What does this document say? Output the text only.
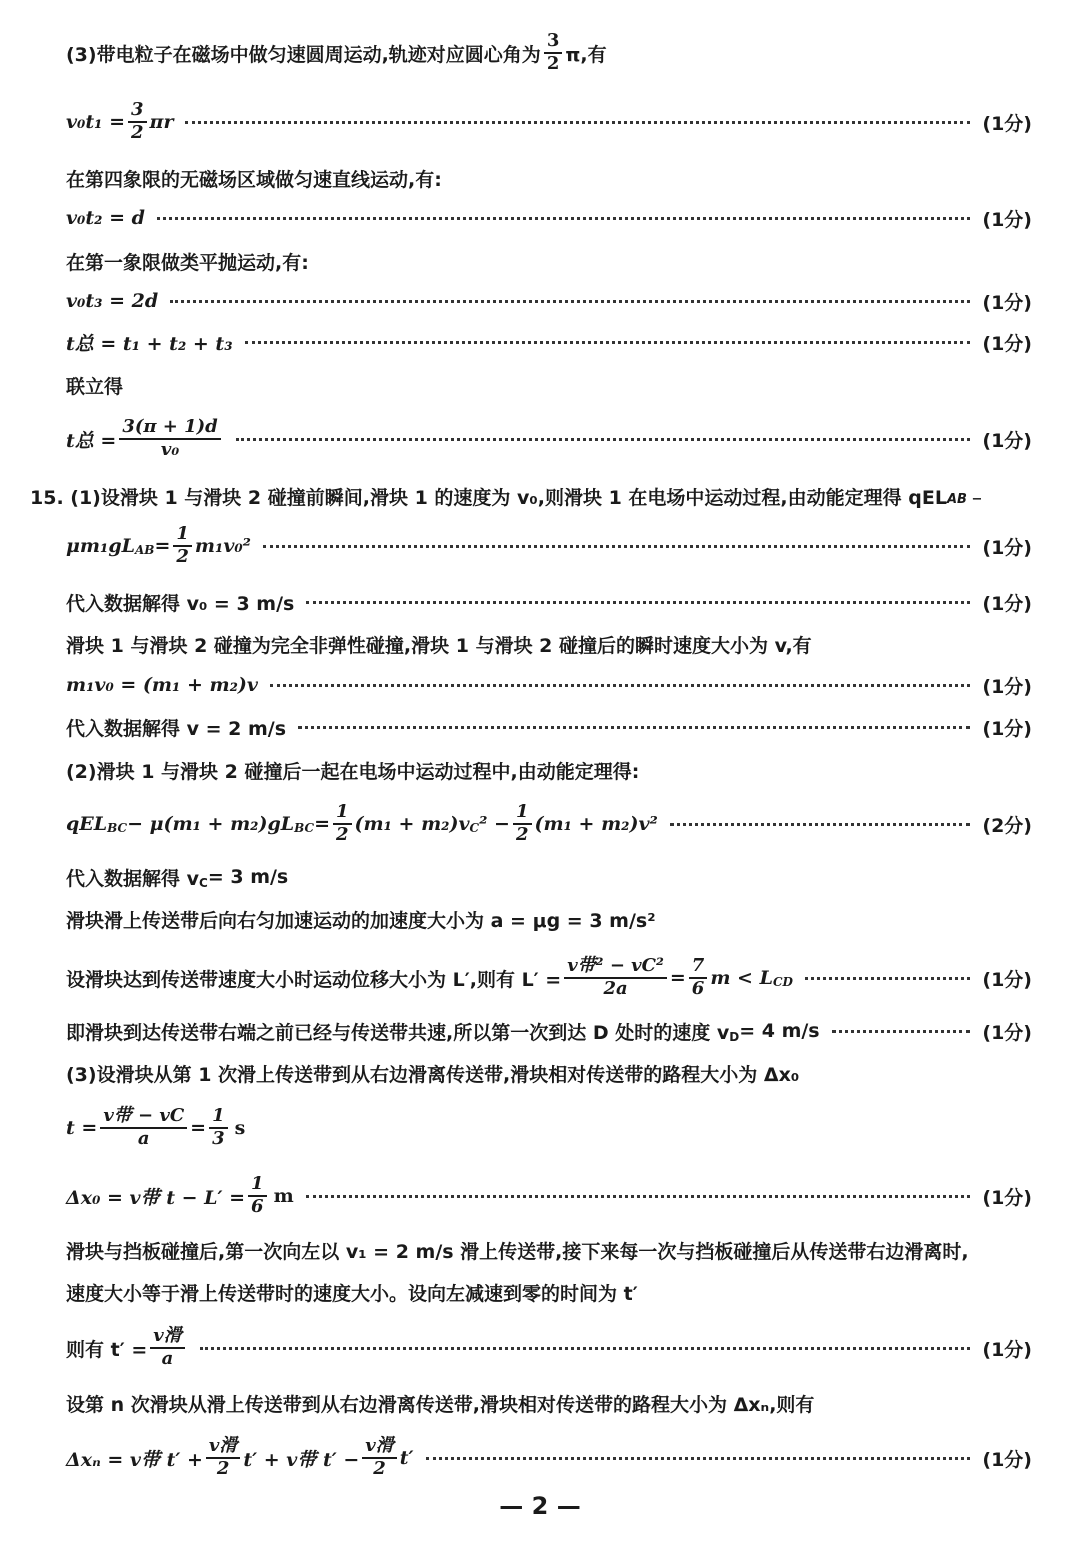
(3)带电粒子在磁场中做匀速圆周运动,轨迹对应圆心角为 $\frac{3}{2} \pi$,有
$v_0t_1 = \frac{3}{2}$ πr	(1分)
在第四象限的无磁场区域做匀速直线运动,有:
v₀t₂ = d	(1分)
在第一象限做类平抛运动,有:
v₀t₃ = 2d	(1分)
t总 = t₁ + t₂ + t₃	(1分)
联立得
t总 = $\frac{3(\pi + 1)d}{\text{v₀}}$	(1分)
15. (1)设滑块 1 与滑块 2 碰撞前瞬间,滑块 1 的速度为 v₀,则滑块 1 在电场中运动过程,由动能定理得 qEL AB −
μm₁gL AB = $\frac{1}{2} m_1v_0^2$	(1分)
代入数据解得 v₀ = 3 m/s	(1分)
滑块 1 与滑块 2 碰撞为完全非弹性碰撞,滑块 1 与滑块 2 碰撞后的瞬时速度大小为 v,有
m₁v₀ = (m₁ + m₂)v	(1分)
代入数据解得 v = 2 m/s	(1分)
(2)滑块 1 与滑块 2 碰撞后一起在电场中运动过程中,由动能定理得:
qEL BC − μ(m₁ + m₂)gL BC = $\frac{1}{2} (m_1 + m_2)v$ C $^2 - \frac{1}{2} (m_1 + m_2)v^2$	(2分)
代入数据解得 v C = 3 m/s
滑块滑上传送带后向右匀加速运动的加速度大小为 a = μg = 3 m/s²
设滑块达到传送带速度大小时运动位移大小为 L′,则有 $L' = \frac{\text{v带² − vC²}}{2a} = \frac{7}{6}$ m < L CD	(1分)
即滑块到达传送带右端之前已经与传送带共速,所以第一次到达 D 处时的速度 v D = 4 m/s	(1分)
(3)设滑块从第 1 次滑上传送带到从右边滑离传送带,滑块相对传送带的路程大小为 Δx₀
$t = \frac{\text{v带 − vC}}{a} = \frac{1}{3}$ s
Δx₀ = v带 $t - L' = \frac{1}{6}$ m	(1分)
滑块与挡板碰撞后,第一次向左以 v₁ = 2 m/s 滑上传送带,接下来每一次与挡板碰撞后从传送带右边滑离时,
速度大小等于滑上传送带时的速度大小。设向左减速到零的时间为 t′
则有 $t' = \frac{\text{v滑}}{a}$	(1分)
设第 n 次滑块从滑上传送带到从右边滑离传送带,滑块相对传送带的路程大小为 Δxₙ,则有
Δxₙ = v带 $t' + \frac{\text{v滑}}{2} t' + v$带 $t' - \frac{\text{v滑}}{2} t'$	(1分)
— 2 —
